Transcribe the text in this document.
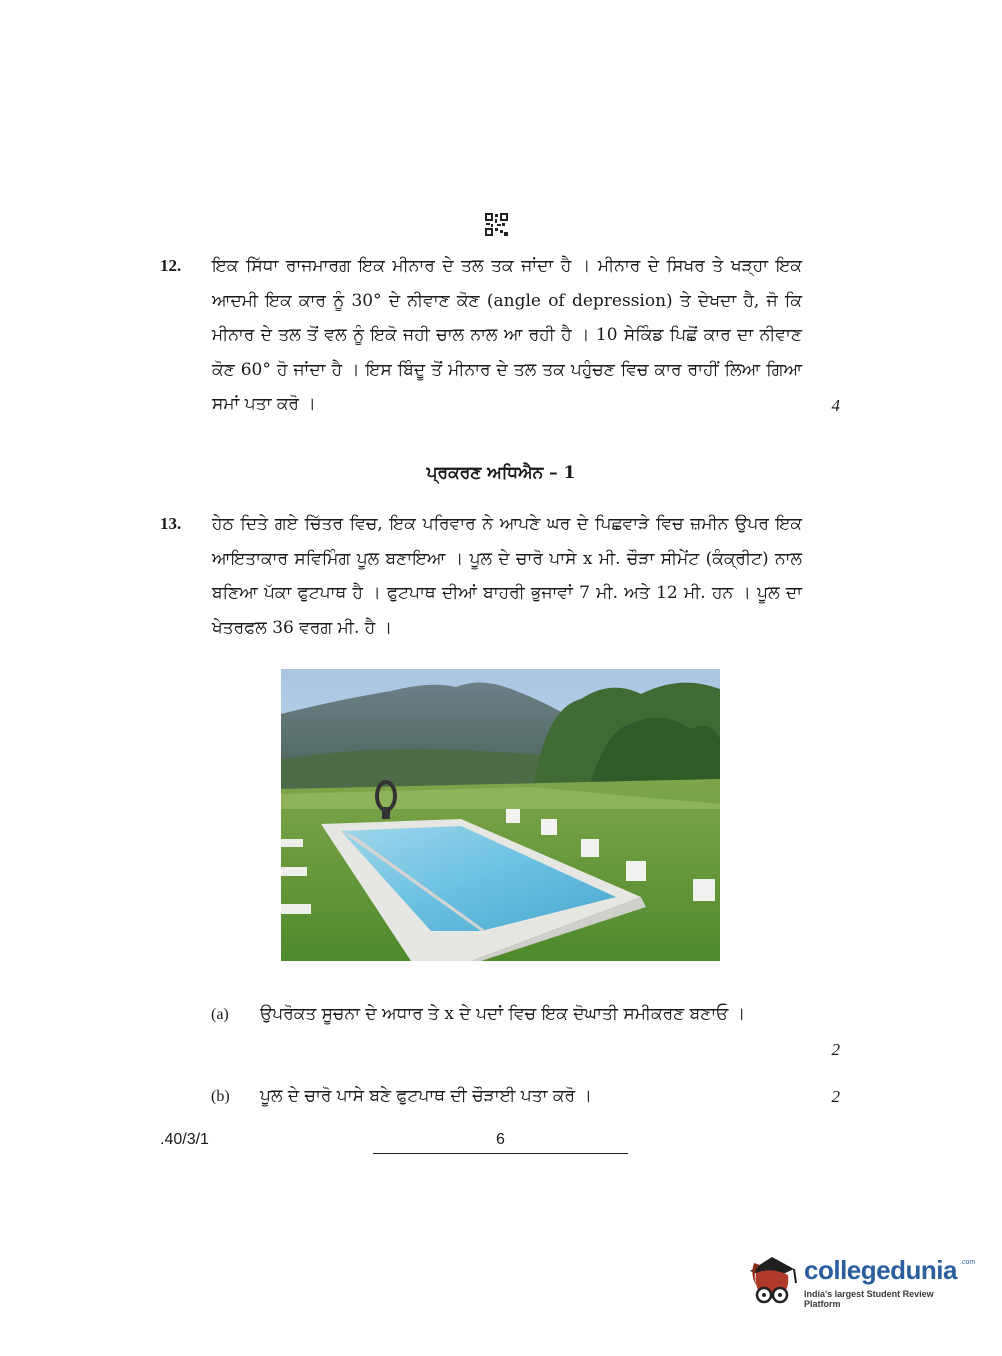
12. ਇਕ ਸਿੱਧਾ ਰਾਜਮਾਰਗ ਇਕ ਮੀਨਾਰ ਦੇ ਤਲ ਤਕ ਜਾਂਦਾ ਹੈ । ਮੀਨਾਰ ਦੇ ਸਿਖਰ ਤੇ ਖੜ੍ਹਾ ਇਕ ਆਦਮੀ ਇਕ ਕਾਰ ਨੂੰ 30° ਦੇ ਨੀਵਾਣ ਕੋਣ (angle of depression) ਤੇ ਦੇਖਦਾ ਹੈ, ਜੋ ਕਿ ਮੀਨਾਰ ਦੇ ਤਲ ਤੋਂ ਵਲ ਨੂੰ ਇਕੋ ਜਹੀ ਚਾਲ ਨਾਲ ਆ ਰਹੀ ਹੈ । 10 ਸੇਕਿੰਡ ਪਿਛੋਂ ਕਾਰ ਦਾ ਨੀਵਾਣ ਕੋਣ 60° ਹੋ ਜਾਂਦਾ ਹੈ । ਇਸ ਬਿੰਦੂ ਤੋਂ ਮੀਨਾਰ ਦੇ ਤਲ ਤਕ ਪਹੁੰਚਣ ਵਿਚ ਕਾਰ ਰਾਹੀਂ ਲਿਆ ਗਿਆ ਸਮਾਂ ਪਤਾ ਕਰੋ ।	4
ਪ੍ਰਕਰਣ ਅਧਿਐਨ – 1
13. ਹੇਠ ਦਿਤੇ ਗਏ ਚਿੱਤਰ ਵਿਚ, ਇਕ ਪਰਿਵਾਰ ਨੇ ਆਪਣੇ ਘਰ ਦੇ ਪਿਛਵਾੜੇ ਵਿਚ ਜ਼ਮੀਨ ਉਪਰ ਇਕ ਆਇਤਾਕਾਰ ਸਵਿਮਿੰਗ ਪੂਲ ਬਣਾਇਆ । ਪੂਲ ਦੇ ਚਾਰੋ ਪਾਸੇ x ਮੀ. ਚੌੜਾ ਸੀਮੇਂਟ (ਕੰਕ੍ਰੀਟ) ਨਾਲ ਬਣਿਆ ਪੱਕਾ ਫੁਟਪਾਥ ਹੈ । ਫੁਟਪਾਥ ਦੀਆਂ ਬਾਹਰੀ ਭੁਜਾਵਾਂ 7 ਮੀ. ਅਤੇ 12 ਮੀ. ਹਨ । ਪੂਲ ਦਾ ਖੇਤਰਫਲ 36 ਵਰਗ ਮੀ. ਹੈ ।
(a) ਉਪਰੋਕਤ ਸੂਚਨਾ ਦੇ ਅਧਾਰ ਤੇ x ਦੇ ਪਦਾਂ ਵਿਚ ਇਕ ਦੋਘਾਤੀ ਸਮੀਕਰਣ ਬਣਾਓ ।
2
(b) ਪੂਲ ਦੇ ਚਾਰੋ ਪਾਸੇ ਬਣੇ ਫੁਟਪਾਥ ਦੀ ਚੌੜਾਈ ਪਤਾ ਕਰੋ ।	2
.40/3/1	6
collegedunia .com
India's largest Student Review Platform
